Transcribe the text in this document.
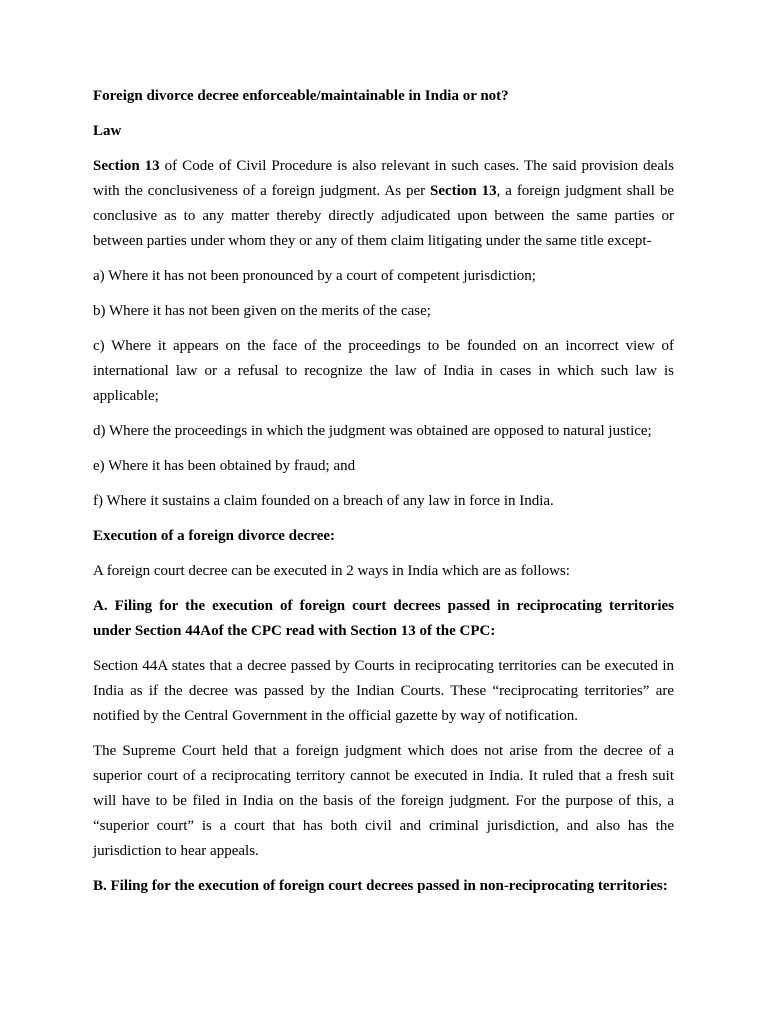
Foreign divorce decree enforceable/maintainable in India or not?

Law

Section 13 of Code of Civil Procedure is also relevant in such cases. The said provision deals with the conclusiveness of a foreign judgment. As per Section 13, a foreign judgment shall be conclusive as to any matter thereby directly adjudicated upon between the same parties or between parties under whom they or any of them claim litigating under the same title except-

a) Where it has not been pronounced by a court of competent jurisdiction;

b) Where it has not been given on the merits of the case;

c) Where it appears on the face of the proceedings to be founded on an incorrect view of international law or a refusal to recognize the law of India in cases in which such law is applicable;

d) Where the proceedings in which the judgment was obtained are opposed to natural justice;

e) Where it has been obtained by fraud; and

f) Where it sustains a claim founded on a breach of any law in force in India.

Execution of a foreign divorce decree:

A foreign court decree can be executed in 2 ways in India which are as follows:

A. Filing for the execution of foreign court decrees passed in reciprocating territories under Section 44Aof the CPC read with Section 13 of the CPC:

Section 44A states that a decree passed by Courts in reciprocating territories can be executed in India as if the decree was passed by the Indian Courts. These “reciprocating territories” are notified by the Central Government in the official gazette by way of notification.

The Supreme Court held that a foreign judgment which does not arise from the decree of a superior court of a reciprocating territory cannot be executed in India. It ruled that a fresh suit will have to be filed in India on the basis of the foreign judgment. For the purpose of this, a “superior court” is a court that has both civil and criminal jurisdiction, and also has the jurisdiction to hear appeals.

B. Filing for the execution of foreign court decrees passed in non-reciprocating territories:
